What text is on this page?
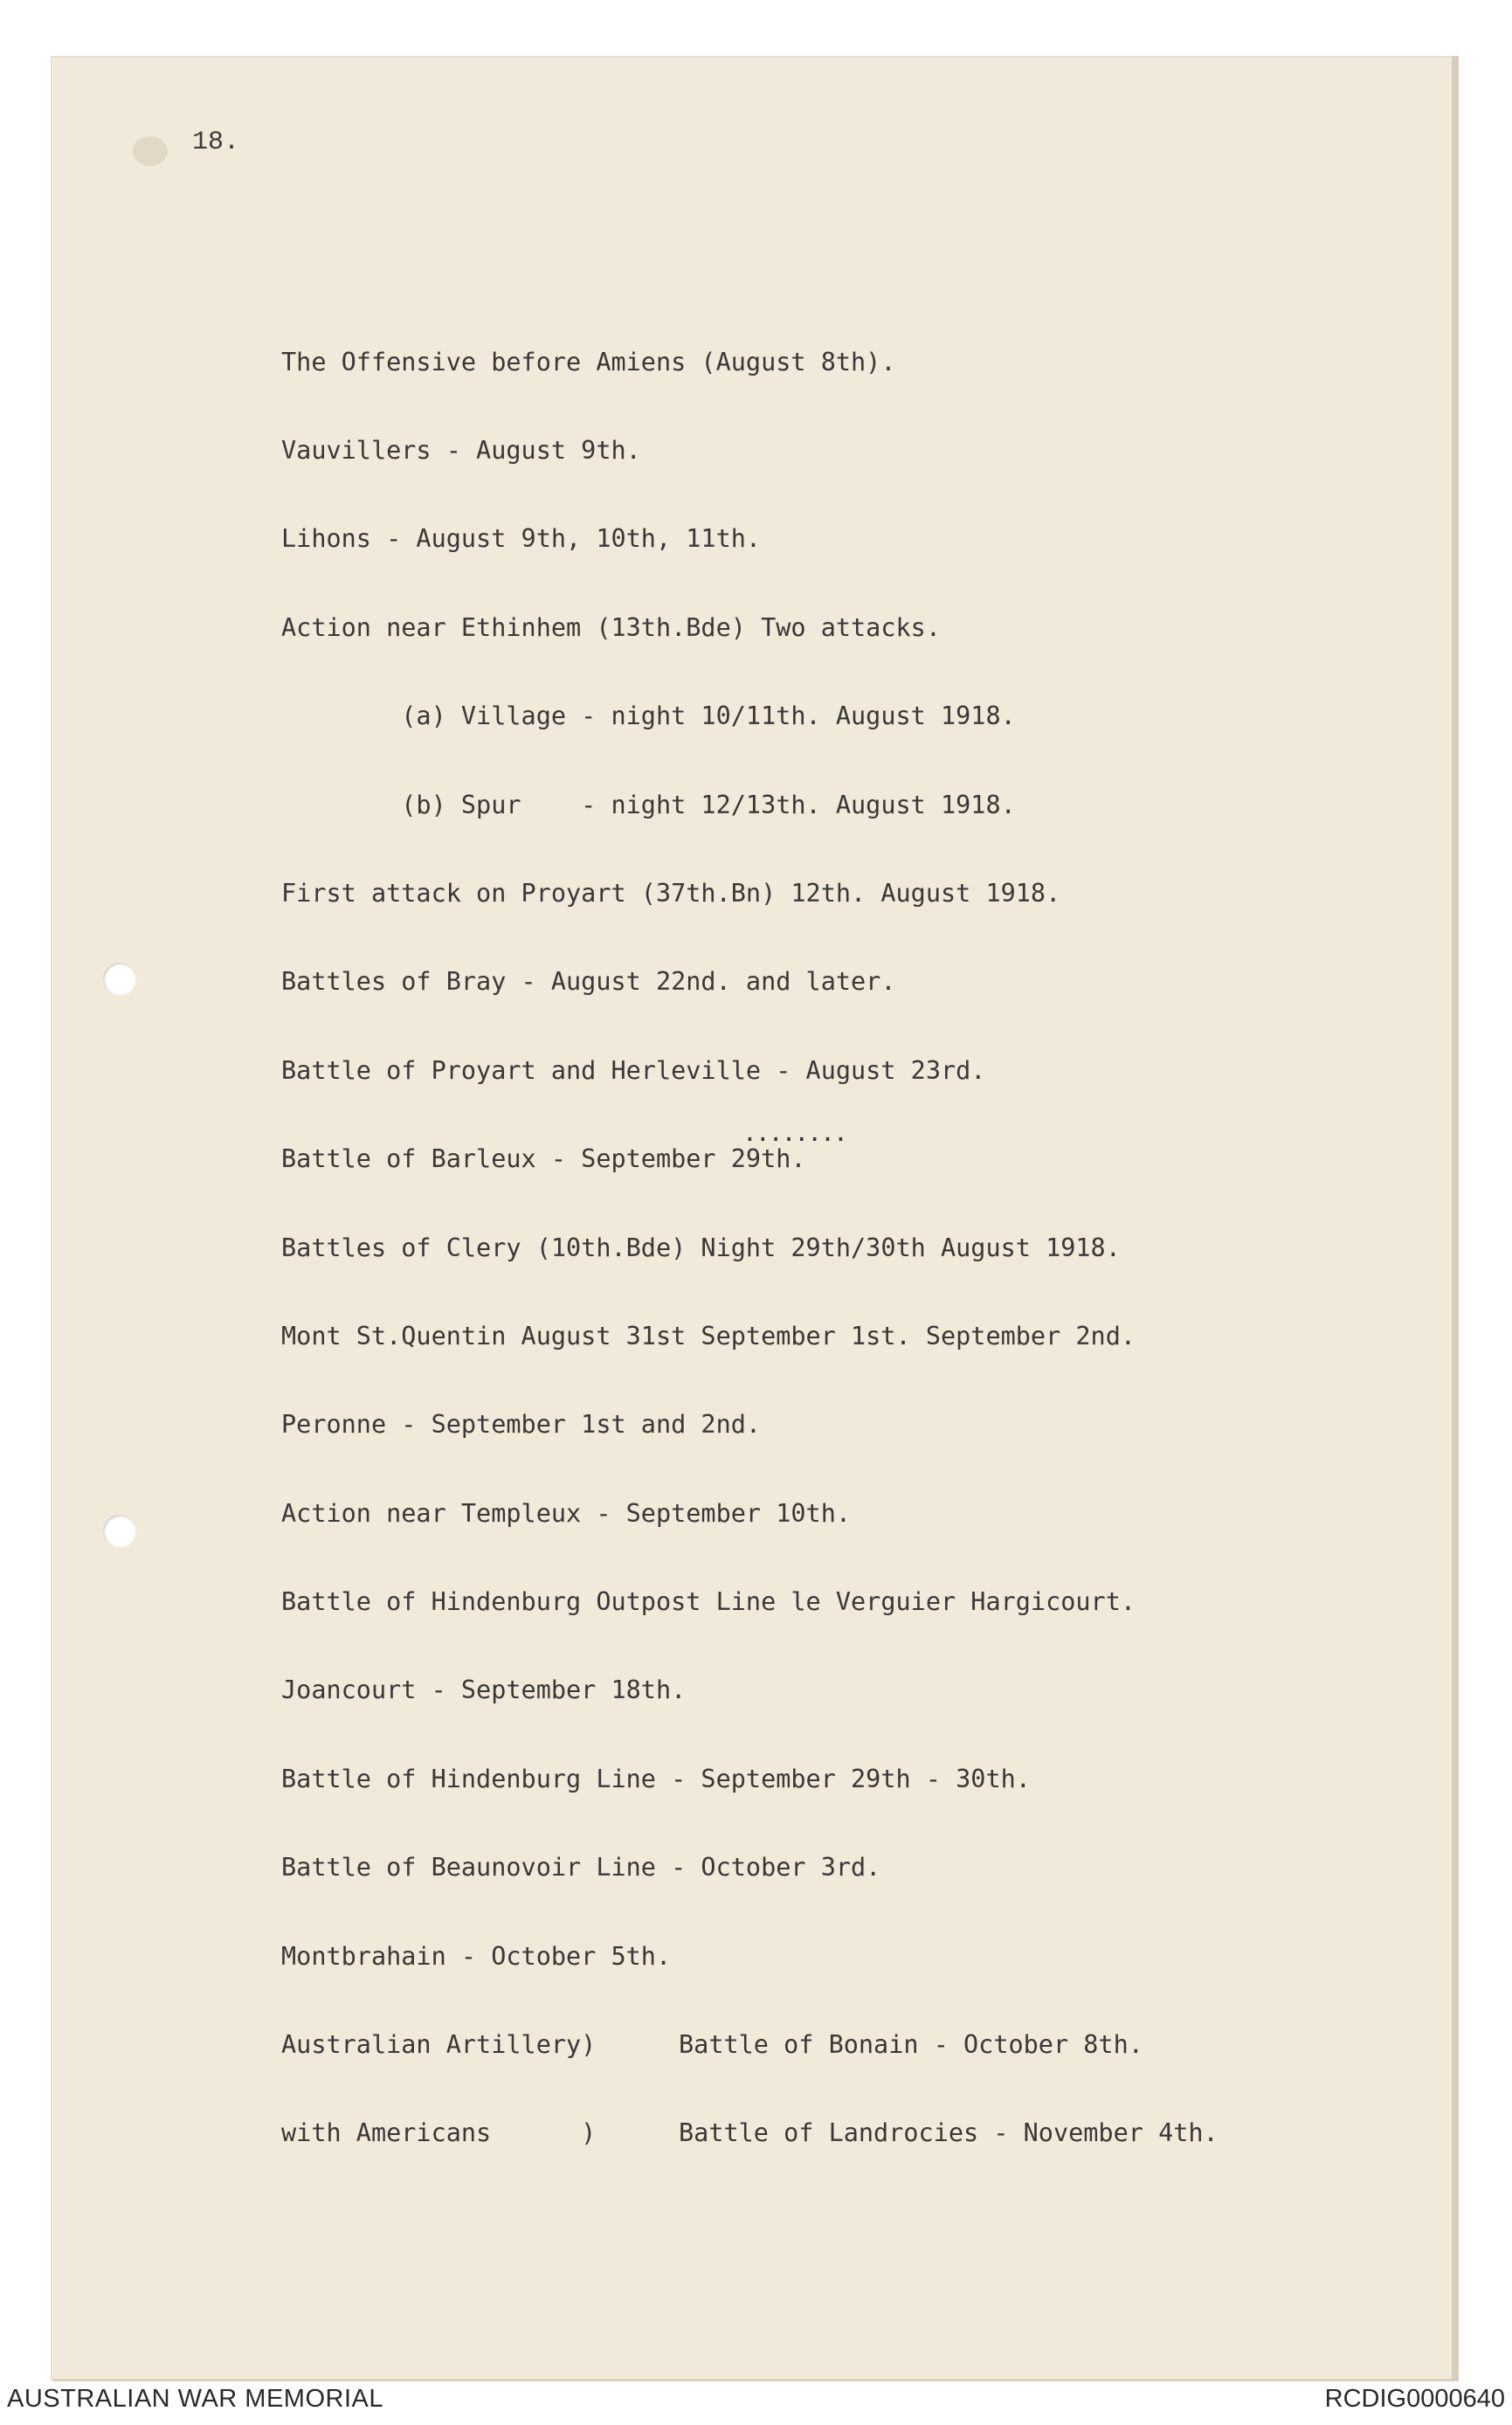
18.

The Offensive before Amiens (August 8th).

Vauvillers - August 9th.

Lihons - August 9th, 10th, 11th.

Action near Ethinhem (13th.Bde) Two attacks.

(a) Village - night 10/11th. August 1918.

(b) Spur    - night 12/13th. August 1918.

First attack on Proyart (37th.Bn) 12th. August 1918.

Battles of Bray - August 22nd. and later.

Battle of Proyart and Herleville - August 23rd.

Battle of Barleux - September 29th.

Battles of Clery (10th.Bde) Night 29th/30th August 1918.

Mont St.Quentin August 31st September 1st. September 2nd.

Peronne - September 1st and 2nd.

Action near Templeux - September 10th.

Battle of Hindenburg Outpost Line le Verguier Hargicourt.

Joancourt - September 18th.

Battle of Hindenburg Line - September 29th - 30th.

Battle of Beaunovoir Line - October 3rd.

Montbrahain - October 5th.

Australian Artillery)	Battle of Bonain - October 8th.

with Americans      )	Battle of Landrocies - November 4th.

........

AUSTRALIAN WAR MEMORIAL	RCDIG0000640
